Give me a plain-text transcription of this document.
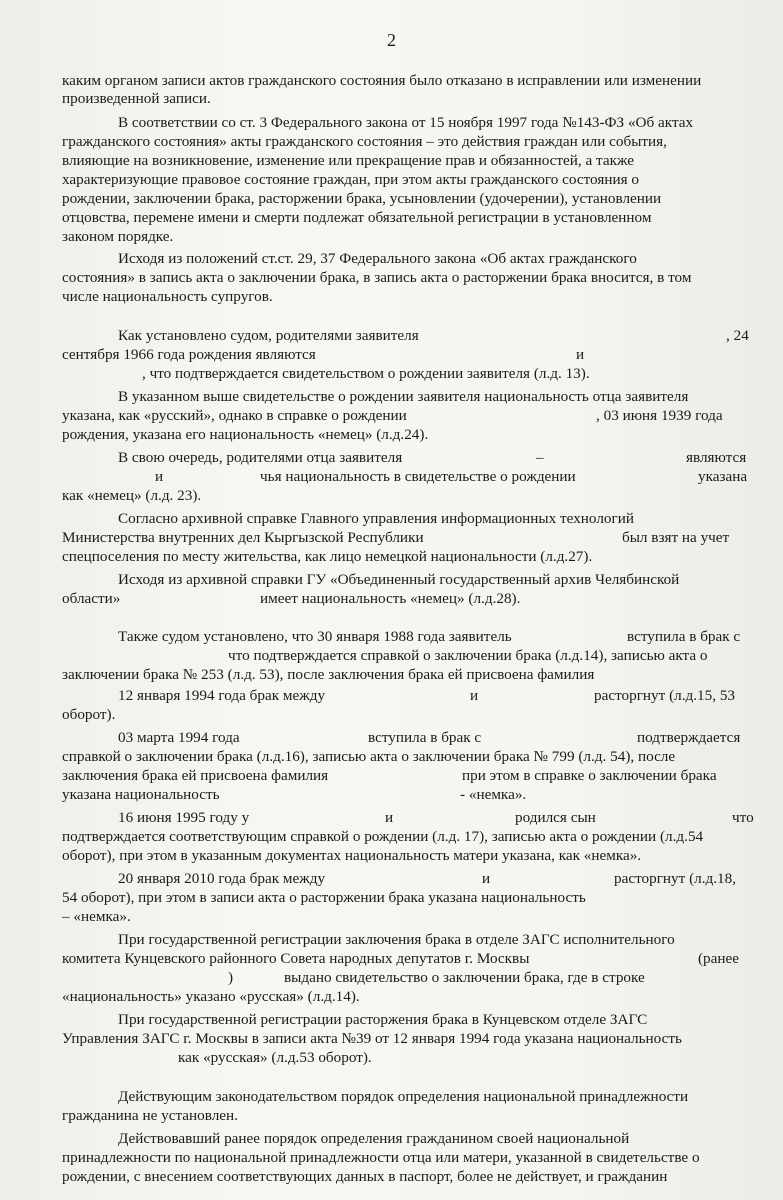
2
каким органом записи актов гражданского состояния было отказано в исправлении или изменении
произведенной записи.
В соответствии со ст. 3 Федерального закона от 15 ноября 1997 года №143-ФЗ «Об актах
гражданского состояния» акты гражданского состояния – это действия граждан или события,
влияющие на возникновение, изменение или прекращение прав и обязанностей, а также
характеризующие правовое состояние граждан, при этом акты гражданского состояния о
рождении, заключении брака, расторжении брака, усыновлении (удочерении), установлении
отцовства, перемене имени и смерти подлежат обязательной регистрации в установленном
законом порядке.
Исходя из положений ст.ст. 29, 37 Федерального закона «Об актах гражданского
состояния» в запись акта о заключении брака, в запись акта о расторжении брака вносится, в том
числе национальность супругов.
Как установлено судом, родителями заявителя	, 24
сентября 1966 года рождения являются	и
, что подтверждается свидетельством о рождении заявителя (л.д. 13).
В указанном выше свидетельстве о рождении заявителя национальность отца заявителя
указана, как «русский», однако в справке о рождении	, 03 июня 1939 года
рождения, указана его национальность «немец» (л.д.24).
В свою очередь, родителями отца заявителя	–	являются
и	чья национальность в свидетельстве о рождении	указана
как «немец» (л.д. 23).
Согласно архивной справке Главного управления информационных технологий
Министерства внутренних дел Кыргызской Республики	был взят на учет
спецпоселения по месту жительства, как лицо немецкой национальности (л.д.27).
Исходя из архивной справки ГУ «Объединенный государственный архив Челябинской
области»	имеет национальность «немец» (л.д.28).
Также судом установлено, что 30 января 1988 года заявитель	вступила в брак с
что подтверждается справкой о заключении брака (л.д.14), записью акта о
заключении брака № 253 (л.д. 53), после заключения брака ей присвоена фамилия
12 января 1994 года брак между	и	расторгнут (л.д.15, 53
оборот).
03 марта 1994 года	вступила в брак с	подтверждается
справкой о заключении брака (л.д.16), записью акта о заключении брака № 799 (л.д. 54), после
заключения брака ей присвоена фамилия	при этом в справке о заключении брака
указана национальность	- «немка».
16 июня 1995 году у	и	родился сын	что
подтверждается соответствующим справкой о рождении (л.д. 17), записью акта о рождении (л.д.54
оборот), при этом в указанным документах национальность матери указана, как «немка».
20 января 2010 года брак между	и	расторгнут (л.д.18,
54 оборот), при этом в записи акта о расторжении брака указана национальность
– «немка».
При государственной регистрации заключения брака в отделе ЗАГС исполнительного
комитета Кунцевского районного Совета народных депутатов г. Москвы	(ранее
)	выдано свидетельство о заключении брака, где в строке
«национальность» указано «русская» (л.д.14).
При государственной регистрации расторжения брака в Кунцевском отделе ЗАГС
Управления ЗАГС г. Москвы в записи акта №39 от 12 января 1994 года указана национальность
как «русская» (л.д.53 оборот).
Действующим законодательством порядок определения национальной принадлежности
гражданина не установлен.
Действовавший ранее порядок определения гражданином своей национальной
принадлежности по национальной принадлежности отца или матери, указанной в свидетельстве о
рождении, с внесением соответствующих данных в паспорт, более не действует, и гражданин
